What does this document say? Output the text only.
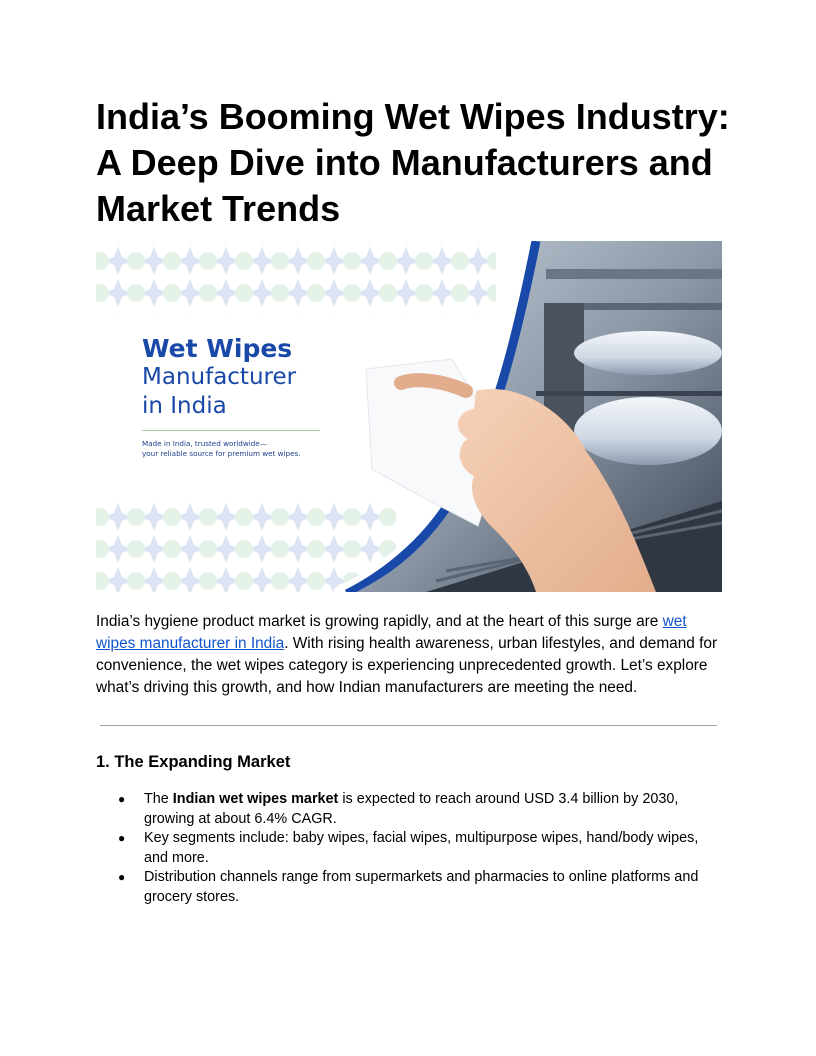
India’s Booming Wet Wipes Industry: A Deep Dive into Manufacturers and Market Trends

Wet Wipes

Manufacturer

in India

Made in India, trusted worldwide—
your reliable source for premium wet wipes.

India’s hygiene product market is growing rapidly, and at the heart of this surge are wet wipes manufacturer in India. With rising health awareness, urban lifestyles, and demand for convenience, the wet wipes category is experiencing unprecedented growth. Let’s explore what’s driving this growth, and how Indian manufacturers are meeting the need.

1. The Expanding Market
● The Indian wet wipes market is expected to reach around USD 3.4 billion by 2030, growing at about 6.4% CAGR.
● Key segments include: baby wipes, facial wipes, multipurpose wipes, hand/body wipes, and more.
● Distribution channels range from supermarkets and pharmacies to online platforms and grocery stores.
